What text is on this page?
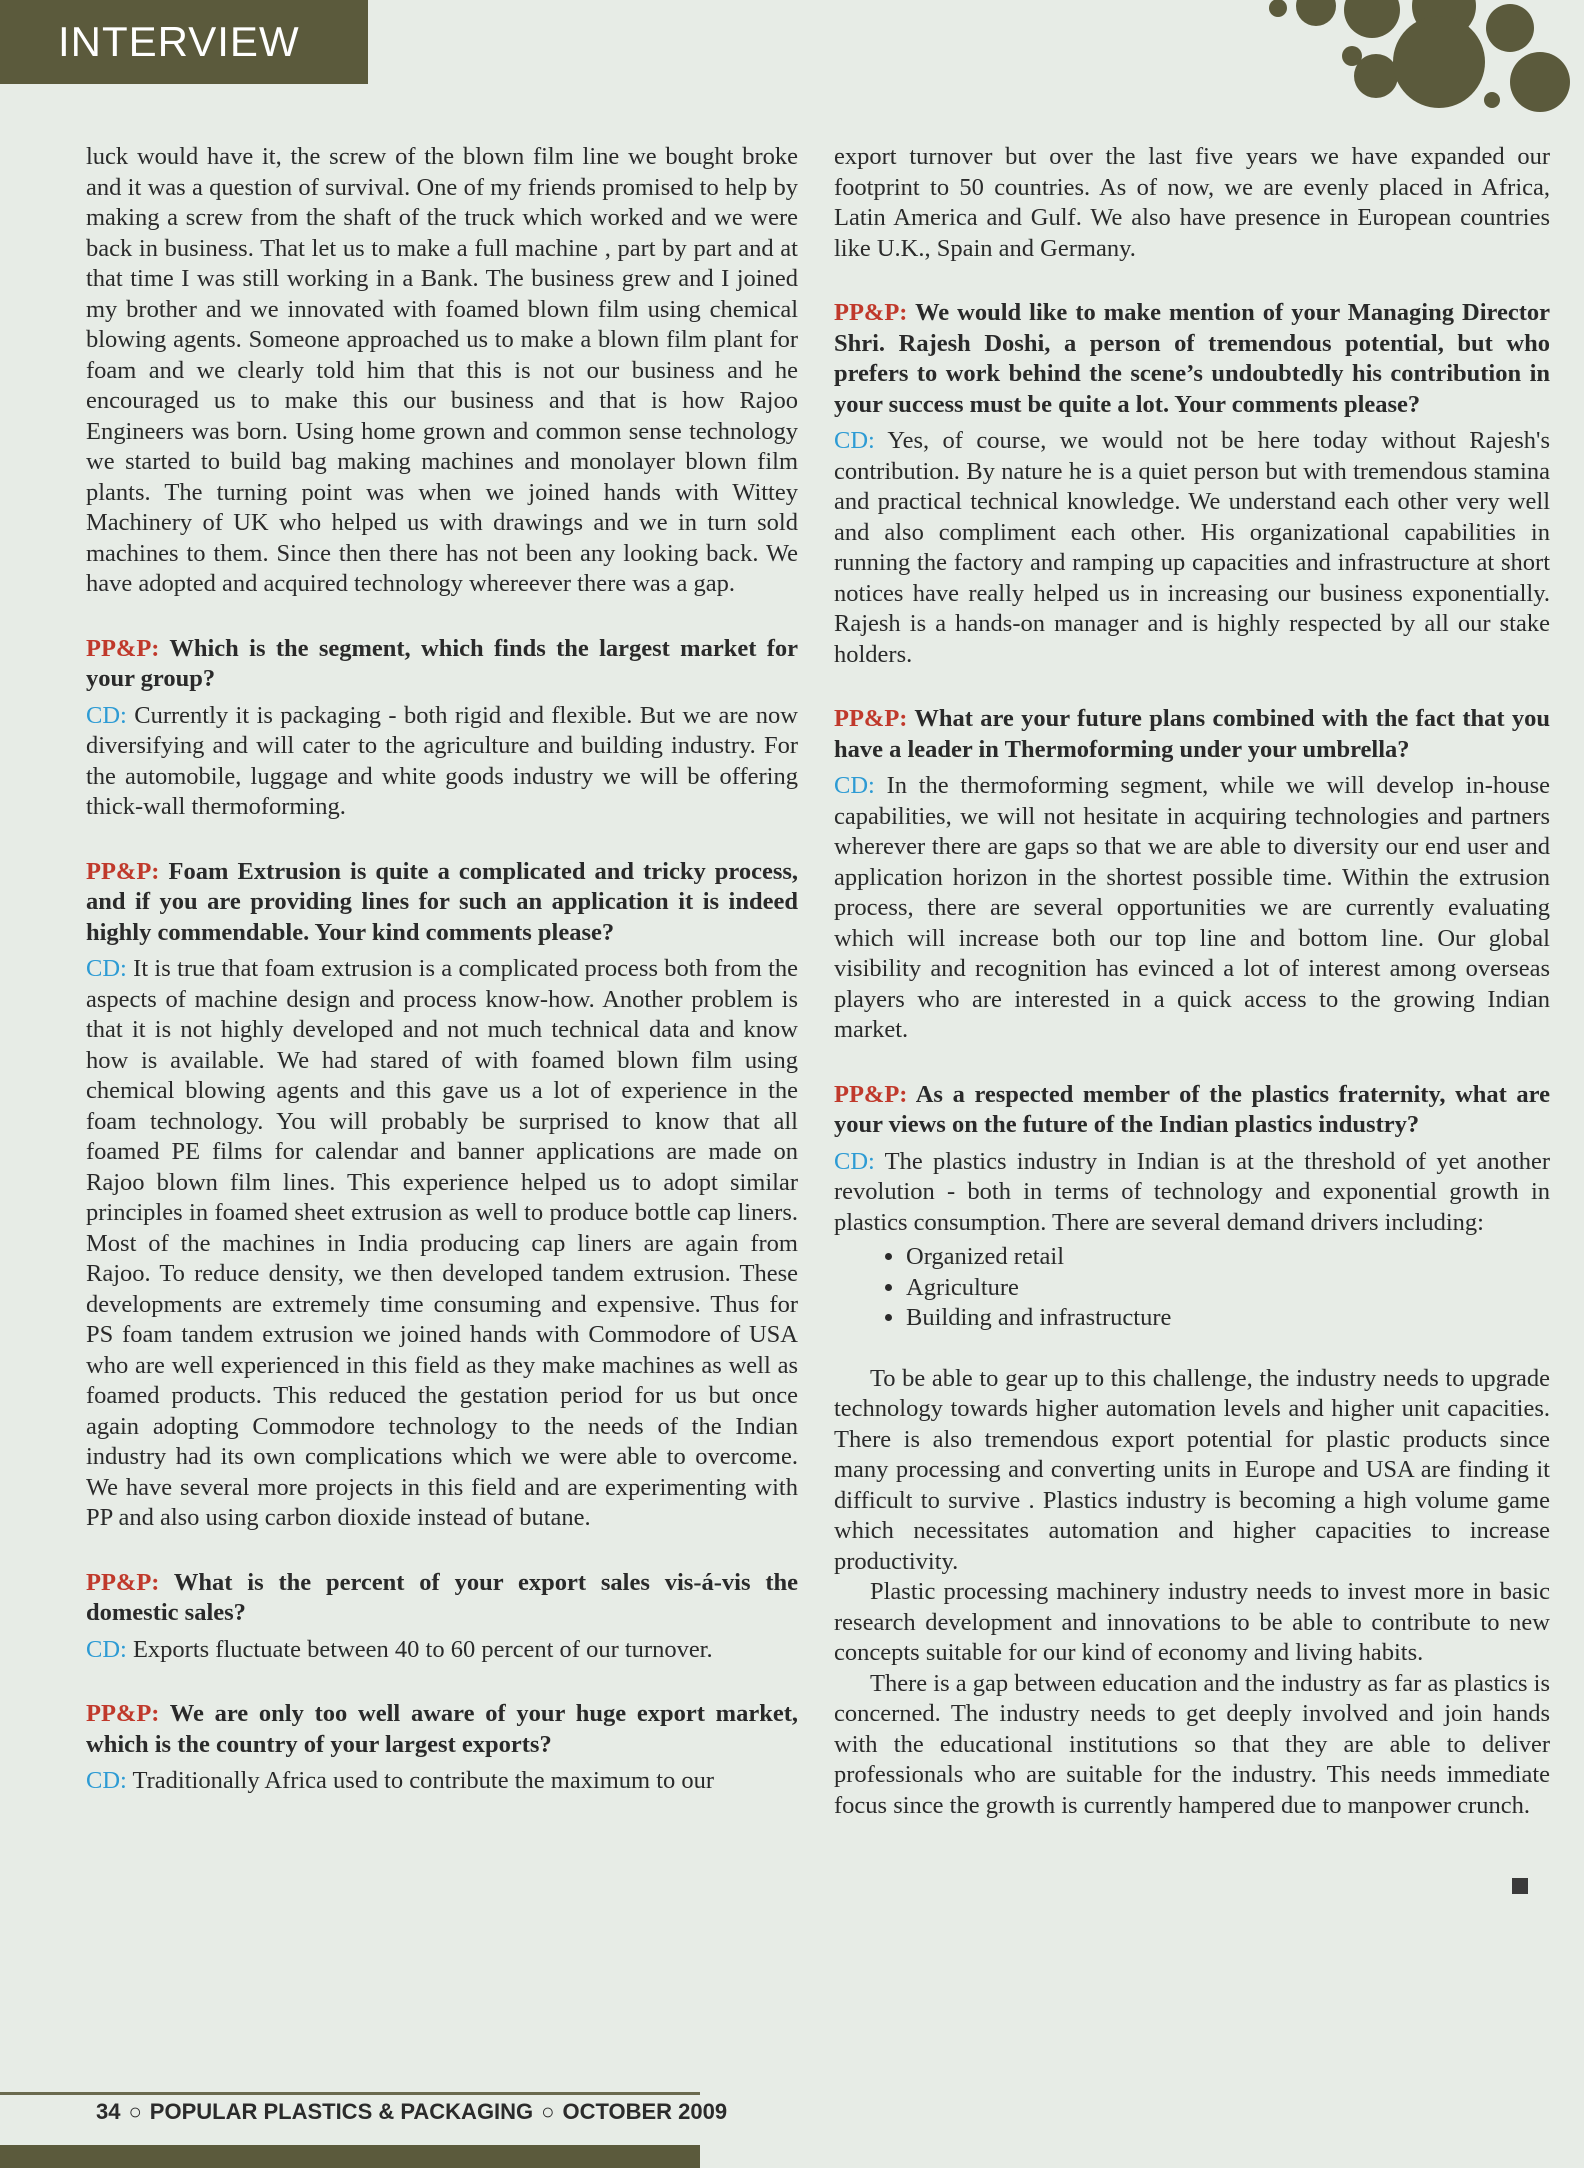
INTERVIEW

luck would have it, the screw of the blown film line we bought broke and it was a question of survival. One of my friends promised to help by making a screw from the shaft of the truck which worked and we were back in business. That let us to make a full machine , part by part and at that time I was still working in a Bank. The business grew and I joined my brother and we innovated with foamed blown film using chemical blowing agents. Someone approached us to make a blown film plant for foam and we clearly told him that this is not our business and he encouraged us to make this our business and that is how Rajoo Engineers was born. Using home grown and common sense technology we started to build bag making machines and monolayer blown film plants. The turning point was when we joined hands with Wittey Machinery of UK who helped us with drawings and we in turn sold machines to them. Since then there has not been any looking back. We have adopted and acquired technology whereever there was a gap.

PP&P: Which is the segment, which finds the largest market for your group?

CD: Currently it is packaging - both rigid and flexible. But we are now diversifying and will cater to the agriculture and building industry. For the automobile, luggage and white goods industry we will be offering thick-wall thermoforming.

PP&P: Foam Extrusion is quite a complicated and tricky process, and if you are providing lines for such an application it is indeed highly commendable. Your kind comments please?

CD: It is true that foam extrusion is a complicated process both from the aspects of machine design and process know-how. Another problem is that it is not highly developed and not much technical data and know how is available. We had stared of with foamed blown film using chemical blowing agents and this gave us a lot of experience in the foam technology. You will probably be surprised to know that all foamed PE films for calendar and banner applications are made on Rajoo blown film lines. This experience helped us to adopt similar principles in foamed sheet extrusion as well to produce bottle cap liners. Most of the machines in India producing cap liners are again from Rajoo. To reduce density, we then developed tandem extrusion. These developments are extremely time consuming and expensive. Thus for PS foam tandem extrusion we joined hands with Commodore of USA who are well experienced in this field as they make machines as well as foamed products. This reduced the gestation period for us but once again adopting Commodore technology to the needs of the Indian industry had its own complications which we were able to overcome. We have several more projects in this field and are experimenting with PP and also using carbon dioxide instead of butane.

PP&P: What is the percent of your export sales vis-á-vis the domestic sales?

CD: Exports fluctuate between 40 to 60 percent of our turnover.

PP&P: We are only too well aware of your huge export market, which is the country of your largest exports?

CD: Traditionally Africa used to contribute the maximum to our

export turnover but over the last five years we have expanded our footprint to 50 countries. As of now, we are evenly placed in Africa, Latin America and Gulf. We also have presence in European countries like U.K., Spain and Germany.

PP&P: We would like to make mention of your Managing Director Shri. Rajesh Doshi, a person of tremendous potential, but who prefers to work behind the scene’s undoubtedly his contribution in your success must be quite a lot. Your comments please?

CD: Yes, of course, we would not be here today without Rajesh's contribution. By nature he is a quiet person but with tremendous stamina and practical technical knowledge. We understand each other very well and also compliment each other. His organizational capabilities in running the factory and ramping up capacities and infrastructure at short notices have really helped us in increasing our business exponentially. Rajesh is a hands-on manager and is highly respected by all our stake holders.

PP&P: What are your future plans combined with the fact that you have a leader in Thermoforming under your umbrella?

CD: In the thermoforming segment, while we will develop in-house capabilities, we will not hesitate in acquiring technologies and partners wherever there are gaps so that we are able to diversity our end user and application horizon in the shortest possible time. Within the extrusion process, there are several opportunities we are currently evaluating which will increase both our top line and bottom line. Our global visibility and recognition has evinced a lot of interest among overseas players who are interested in a quick access to the growing Indian market.

PP&P: As a respected member of the plastics fraternity, what are your views on the future of the Indian plastics industry?

CD: The plastics industry in Indian is at the threshold of yet another revolution - both in terms of technology and exponential growth in plastics consumption. There are several demand drivers including:

• Organized retail
• Agriculture
• Building and infrastructure

To be able to gear up to this challenge, the industry needs to upgrade technology towards higher automation levels and higher unit capacities. There is also tremendous export potential for plastic products since many processing and converting units in Europe and USA are finding it difficult to survive . Plastics industry is becoming a high volume game which necessitates automation and higher capacities to increase productivity.

Plastic processing machinery industry needs to invest more in basic research development and innovations to be able to contribute to new concepts suitable for our kind of economy and living habits.

There is a gap between education and the industry as far as plastics is concerned. The industry needs to get deeply involved and join hands with the educational institutions so that they are able to deliver professionals who are suitable for the industry. This needs immediate focus since the growth is currently hampered due to manpower crunch.

34 ○ POPULAR PLASTICS & PACKAGING ○ OCTOBER 2009
